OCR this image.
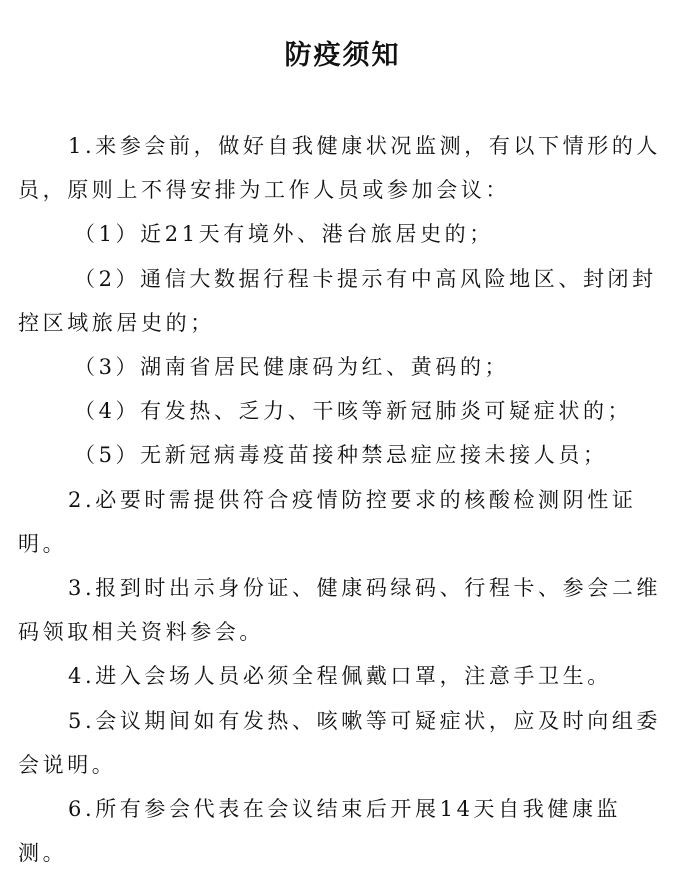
防疫须知

1.来参会前，做好自我健康状况监测，有以下情形的人员，原则上不得安排为工作人员或参加会议：

（1）近21天有境外、港台旅居史的；

（2）通信大数据行程卡提示有中高风险地区、封闭封控区域旅居史的；

（3）湖南省居民健康码为红、黄码的；

（4）有发热、乏力、干咳等新冠肺炎可疑症状的；

（5）无新冠病毒疫苗接种禁忌症应接未接人员；

2.必要时需提供符合疫情防控要求的核酸检测阴性证明。

3.报到时出示身份证、健康码绿码、行程卡、参会二维码领取相关资料参会。

4.进入会场人员必须全程佩戴口罩，注意手卫生。

5.会议期间如有发热、咳嗽等可疑症状，应及时向组委会说明。

6.所有参会代表在会议结束后开展14天自我健康监测。
